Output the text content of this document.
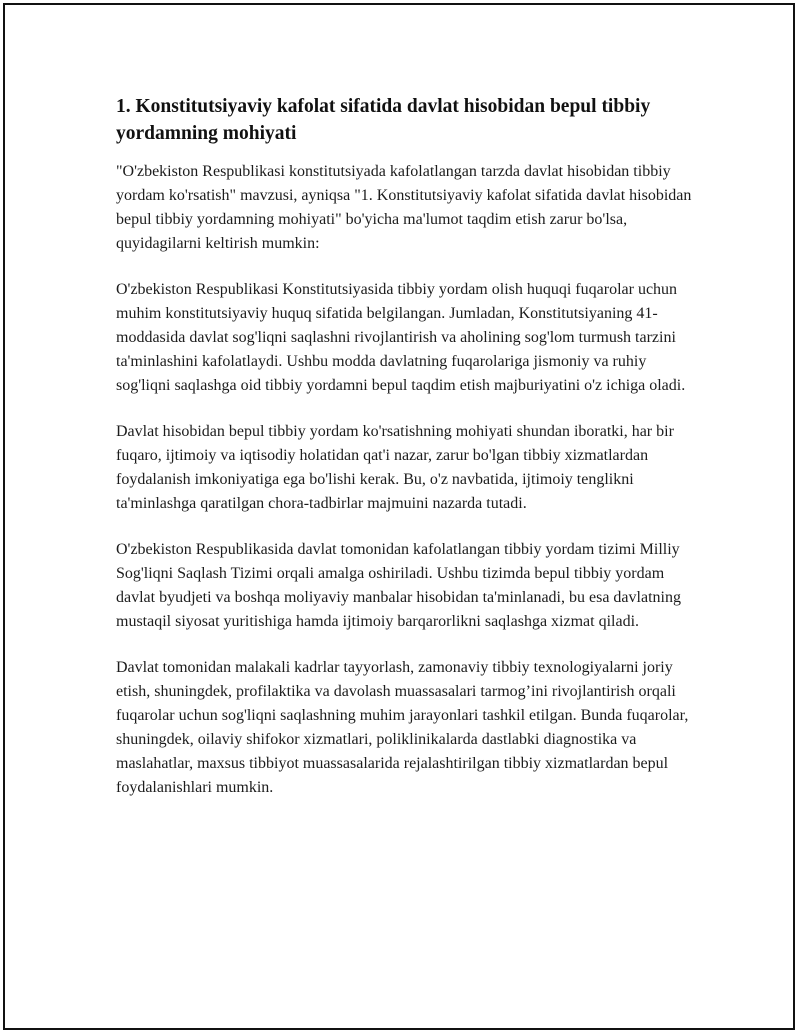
1. Konstitutsiyaviy kafolat sifatida davlat hisobidan bepul tibbiy yordamning mohiyati

"O'zbekiston Respublikasi konstitutsiyada kafolatlangan tarzda davlat hisobidan tibbiy yordam ko'rsatish" mavzusi, ayniqsa "1. Konstitutsiyaviy kafolat sifatida davlat hisobidan bepul tibbiy yordamning mohiyati" bo'yicha ma'lumot taqdim etish zarur bo'lsa, quyidagilarni keltirish mumkin:

O'zbekiston Respublikasi Konstitutsiyasida tibbiy yordam olish huquqi fuqarolar uchun muhim konstitutsiyaviy huquq sifatida belgilangan. Jumladan, Konstitutsiyaning 41-moddasida davlat sog'liqni saqlashni rivojlantirish va aholining sog'lom turmush tarzini ta'minlashini kafolatlaydi. Ushbu modda davlatning fuqarolariga jismoniy va ruhiy sog'liqni saqlashga oid tibbiy yordamni bepul taqdim etish majburiyatini o'z ichiga oladi.

Davlat hisobidan bepul tibbiy yordam ko'rsatishning mohiyati shundan iboratki, har bir fuqaro, ijtimoiy va iqtisodiy holatidan qat'i nazar, zarur bo'lgan tibbiy xizmatlardan foydalanish imkoniyatiga ega bo'lishi kerak. Bu, o'z navbatida, ijtimoiy tenglikni ta'minlashga qaratilgan chora-tadbirlar majmuini nazarda tutadi.

O'zbekiston Respublikasida davlat tomonidan kafolatlangan tibbiy yordam tizimi Milliy Sog'liqni Saqlash Tizimi orqali amalga oshiriladi. Ushbu tizimda bepul tibbiy yordam davlat byudjeti va boshqa moliyaviy manbalar hisobidan ta'minlanadi, bu esa davlatning mustaqil siyosat yuritishiga hamda ijtimoiy barqarorlikni saqlashga xizmat qiladi.

Davlat tomonidan malakali kadrlar tayyorlash, zamonaviy tibbiy texnologiyalarni joriy etish, shuningdek, profilaktika va davolash muassasalari tarmog’ini rivojlantirish orqali fuqarolar uchun sog'liqni saqlashning muhim jarayonlari tashkil etilgan. Bunda fuqarolar, shuningdek, oilaviy shifokor xizmatlari, poliklinikalarda dastlabki diagnostika va maslahatlar, maxsus tibbiyot muassasalarida rejalashtirilgan tibbiy xizmatlardan bepul foydalanishlari mumkin.
